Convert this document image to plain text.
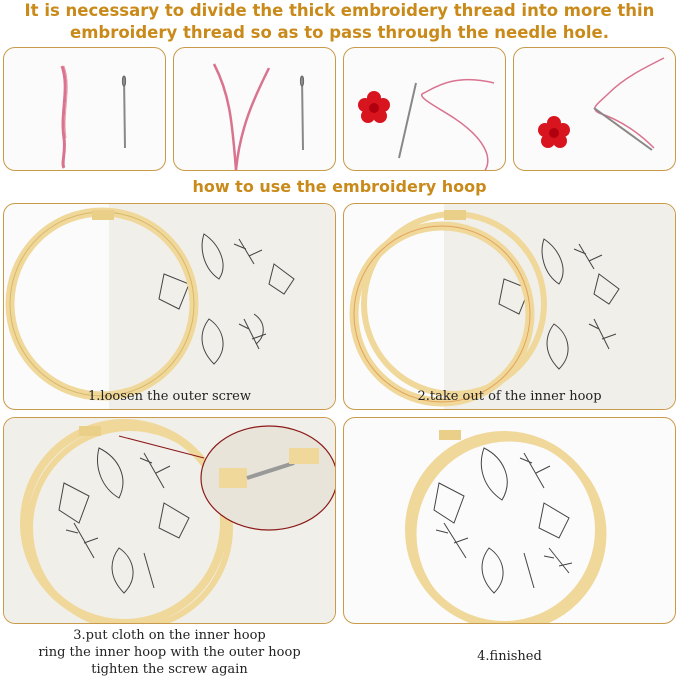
It is necessary to divide the thick embroidery thread into more thin
embroidery thread so as to pass through the needle hole.
how to use the embroidery hoop
1.loosen the outer screw	2.take out of the inner hoop
3.put cloth on the inner hoop
ring the inner hoop with the outer hoop
tighten the screw again
4.finished
